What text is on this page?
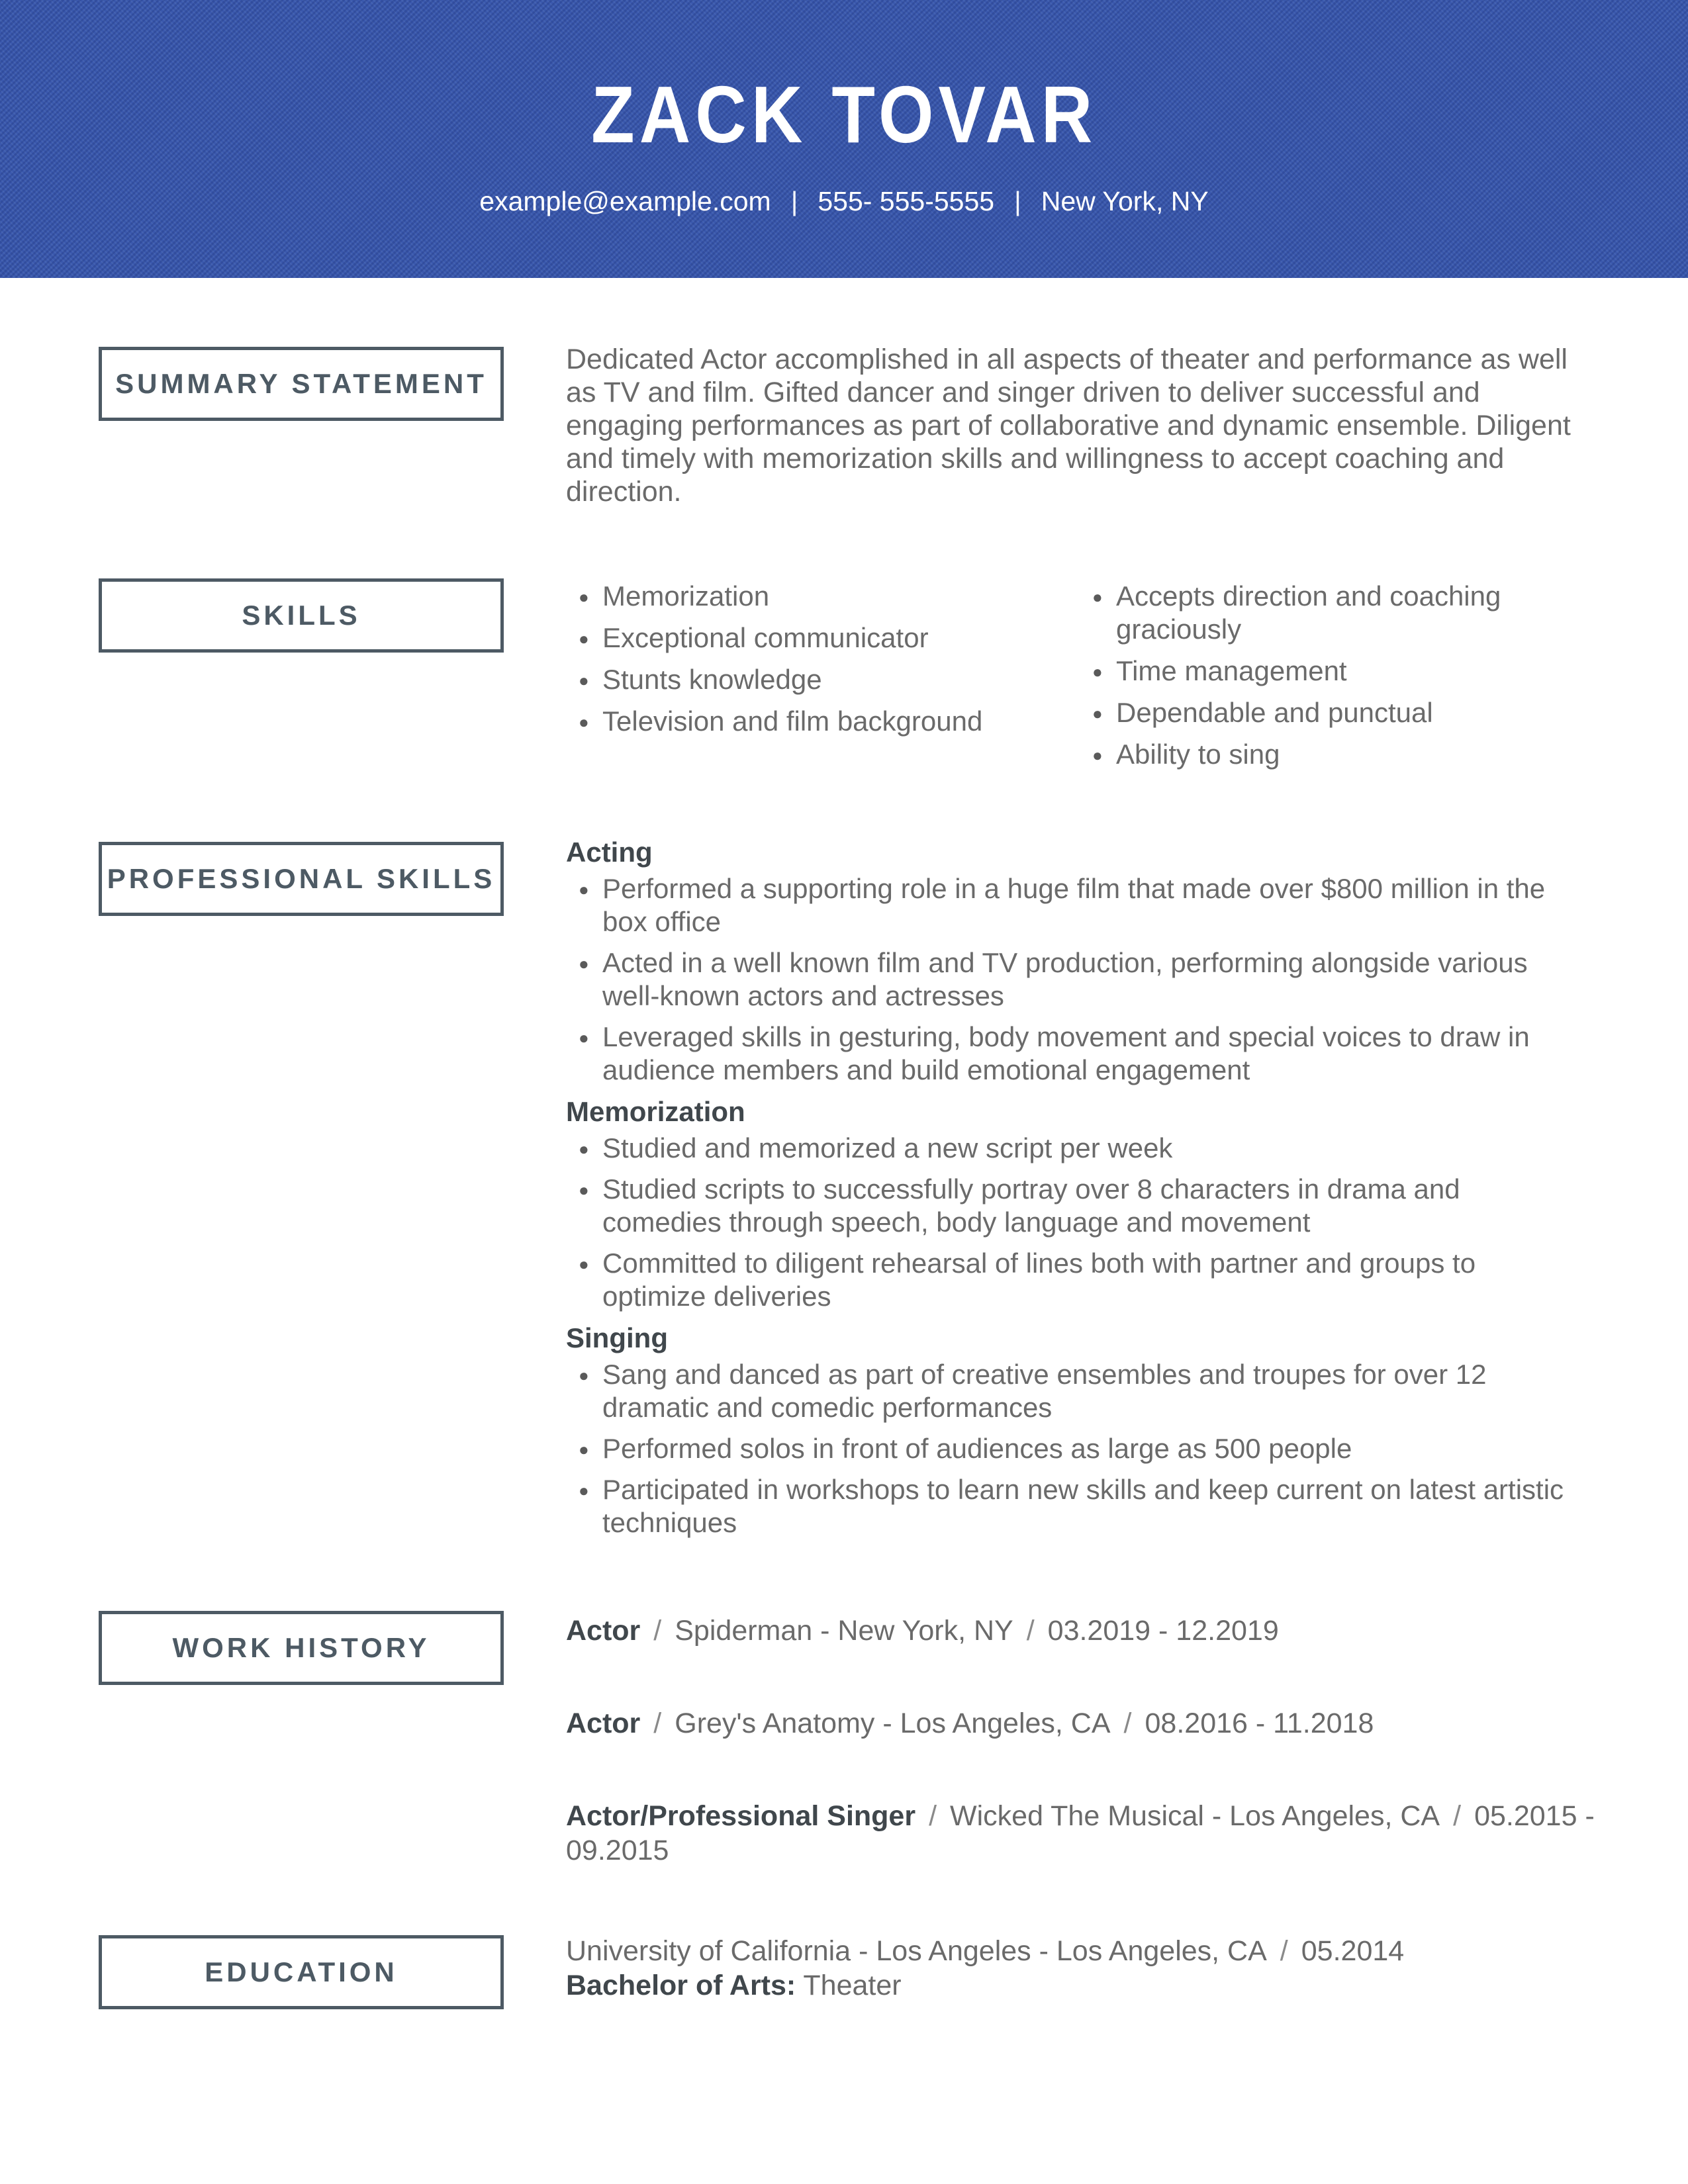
ZACK TOVAR
example@example.com | 555- 555-5555 | New York, NY
SUMMARY STATEMENT
SKILLS
PROFESSIONAL SKILLS
WORK HISTORY
EDUCATION

Dedicated Actor accomplished in all aspects of theater and performance as well as TV and film. Gifted dancer and singer driven to deliver successful and engaging performances as part of collaborative and dynamic ensemble. Diligent and timely with memorization skills and willingness to accept coaching and direction.

● Memorization
● Exceptional communicator
● Stunts knowledge
● Television and film background
● Accepts direction and coaching graciously
● Time management
● Dependable and punctual
● Ability to sing
Acting
● Performed a supporting role in a huge film that made over $800 million in the box office
● Acted in a well known film and TV production, performing alongside various well-known actors and actresses
● Leveraged skills in gesturing, body movement and special voices to draw in audience members and build emotional engagement
Memorization
● Studied and memorized a new script per week
● Studied scripts to successfully portray over 8 characters in drama and comedies through speech, body language and movement
● Committed to diligent rehearsal of lines both with partner and groups to optimize deliveries
Singing
● Sang and danced as part of creative ensembles and troupes for over 12 dramatic and comedic performances
● Performed solos in front of audiences as large as 500 people
● Participated in workshops to learn new skills and keep current on latest artistic techniques

Actor / Spiderman - New York, NY / 03.2019 - 12.2019

Actor / Grey's Anatomy - Los Angeles, CA / 08.2016 - 11.2018

Actor/Professional Singer / Wicked The Musical - Los Angeles, CA / 05.2015 - 09.2015

University of California - Los Angeles - Los Angeles, CA / 05.2014

Bachelor of Arts: Theater
